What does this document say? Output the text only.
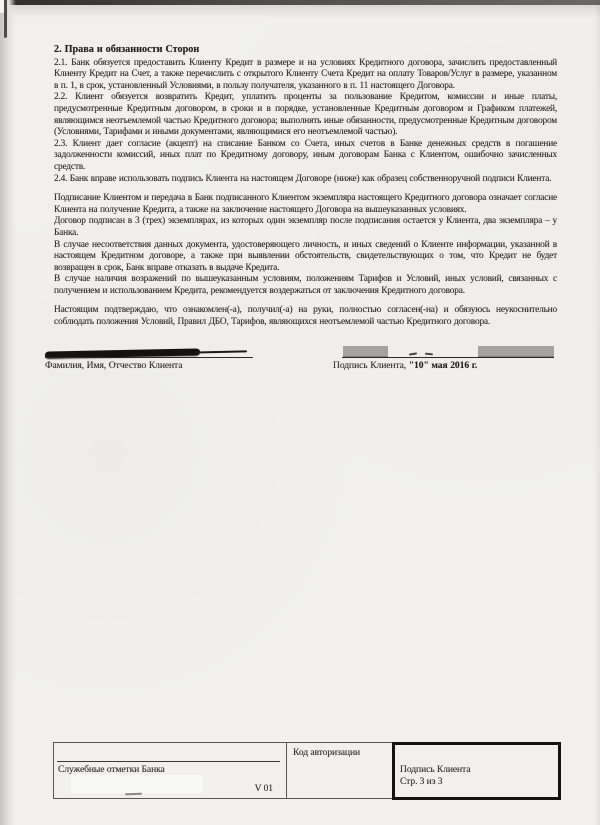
2. Права и обязанности Сторон

2.1. Банк обязуется предоставить Клиенту Кредит в размере и на условиях Кредитного договора, зачислить предоставленный Клиенту Кредит на Счет, а также перечислить с открытого Клиенту Счета Кредит на оплату Товаров/Услуг в размере, указанном в п. 1, в срок, установленный Условиями, в пользу получателя, указанного в п. 11 настоящего Договора.

2.2. Клиент обязуется возвратить Кредит, уплатить проценты за пользование Кредитом, комиссии и иные платы, предусмотренные Кредитным договором, в сроки и в порядке, установленные Кредитным договором и Графиком платежей, являющимся неотъемлемой частью Кредитного договора; выполнять иные обязанности, предусмотренные Кредитным договором (Условиями, Тарифами и иными документами, являющимися его неотъемлемой частью).

2.3. Клиент дает согласие (акцепт) на списание Банком со Счета, иных счетов в Банке денежных средств в погашение задолженности комиссий, иных плат по Кредитному договору, иным договорам Банка с Клиентом, ошибочно зачисленных средств.

2.4. Банк вправе использовать подпись Клиента на настоящем Договоре (ниже) как образец собственноручной подписи Клиента.

Подписание Клиентом и передача в Банк подписанного Клиентом экземпляра настоящего Кредитного договора означает согласие Клиента на получение Кредита, а также на заключение настоящего Договора на вышеуказанных условиях.

Договор подписан в 3 (трех) экземплярах, из которых один экземпляр после подписания остается у Клиента, два экземпляра – у Банка.

В случае несоответствия данных документа, удостоверяющего личность, и иных сведений о Клиенте информации, указанной в настоящем Кредитном договоре, а также при выявлении обстоятельств, свидетельствующих о том, что Кредит не будет возвращен в срок, Банк вправе отказать в выдаче Кредита.

В случае наличия возражений по вышеуказанным условиям, положениям Тарифов и Условий, иных условий, связанных с получением и использованием Кредита, рекомендуется воздержаться от заключения Кредитного договора.

Настоящим подтверждаю, что ознакомлен(-а), получил(-а) на руки, полностью согласен(-на) и обязуюсь неукоснительно соблюдать положения Условий, Правил ДБО, Тарифов, являющихся неотъемлемой частью Кредитного договора.

Фамилия, Имя, Отчество Клиента	Подпись Клиента, "10" мая 2016 г.
Служебные отметки Банка
V 01
Код авторизации
Подпись Клиента
Стр. 3 из 3
